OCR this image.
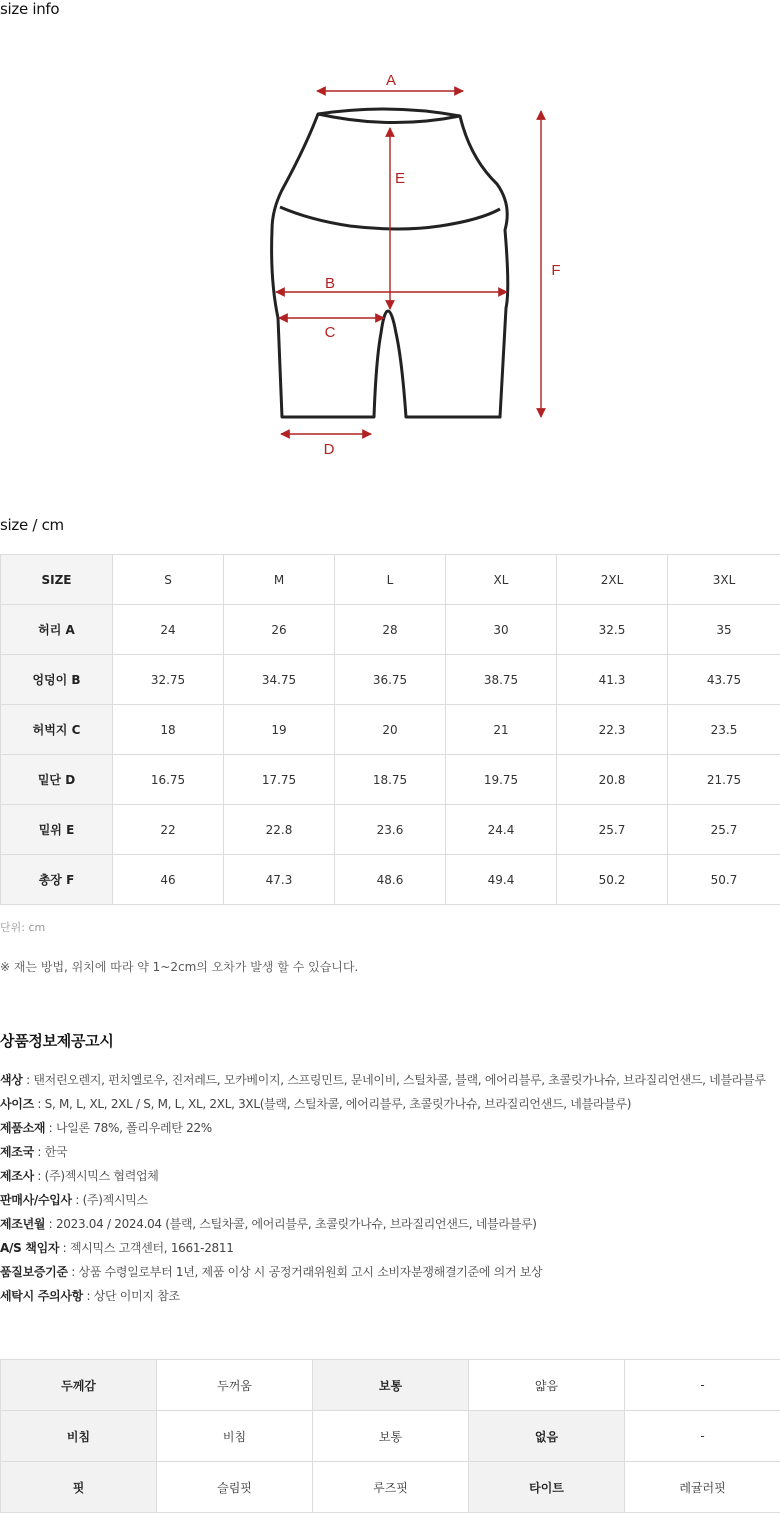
size info
A
E
B
C
D
F
size / cm
SIZE	S	M	L	XL	2XL	3XL
허리 A	24	26	28	30	32.5	35
엉덩이 B	32.75	34.75	36.75	38.75	41.3	43.75
허벅지 C	18	19	20	21	22.3	23.5
밑단 D	16.75	17.75	18.75	19.75	20.8	21.75
밑위 E	22	22.8	23.6	24.4	25.7	25.7
총장 F	46	47.3	48.6	49.4	50.2	50.7
단위: cm
※ 재는 방법, 위치에 따라 약 1~2cm의 오차가 발생 할 수 있습니다.
상품정보제공고시
색상 : 탠저린오렌지, 펀치옐로우, 진저레드, 모카베이지, 스프링민트, 문네이비, 스틸차콜, 블랙, 에어리블루, 초콜릿가나슈, 브라질리언샌드, 네블라블루
사이즈 : S, M, L, XL, 2XL / S, M, L, XL, 2XL, 3XL(블랙, 스틸차콜, 에어리블루, 초콜릿가나슈, 브라질리언샌드, 네블라블루)
제품소재 : 나일론 78%, 폴리우레탄 22%
제조국 : 한국
제조사 : (주)젝시믹스 협력업체
판매사/수입사 : (주)젝시믹스
제조년월 : 2023.04 / 2024.04 (블랙, 스틸차콜, 에어리블루, 초콜릿가나슈, 브라질리언샌드, 네블라블루)
A/S 책임자 : 젝시믹스 고객센터, 1661-2811
품질보증기준 : 상품 수령일로부터 1년, 제품 이상 시 공정거래위원회 고시 소비자분쟁해결기준에 의거 보상
세탁시 주의사항 : 상단 이미지 참조
두께감	두꺼움	보통	얇음	-
비침	비침	보통	없음	-
핏	슬림핏	루즈핏	타이트	레귤러핏
